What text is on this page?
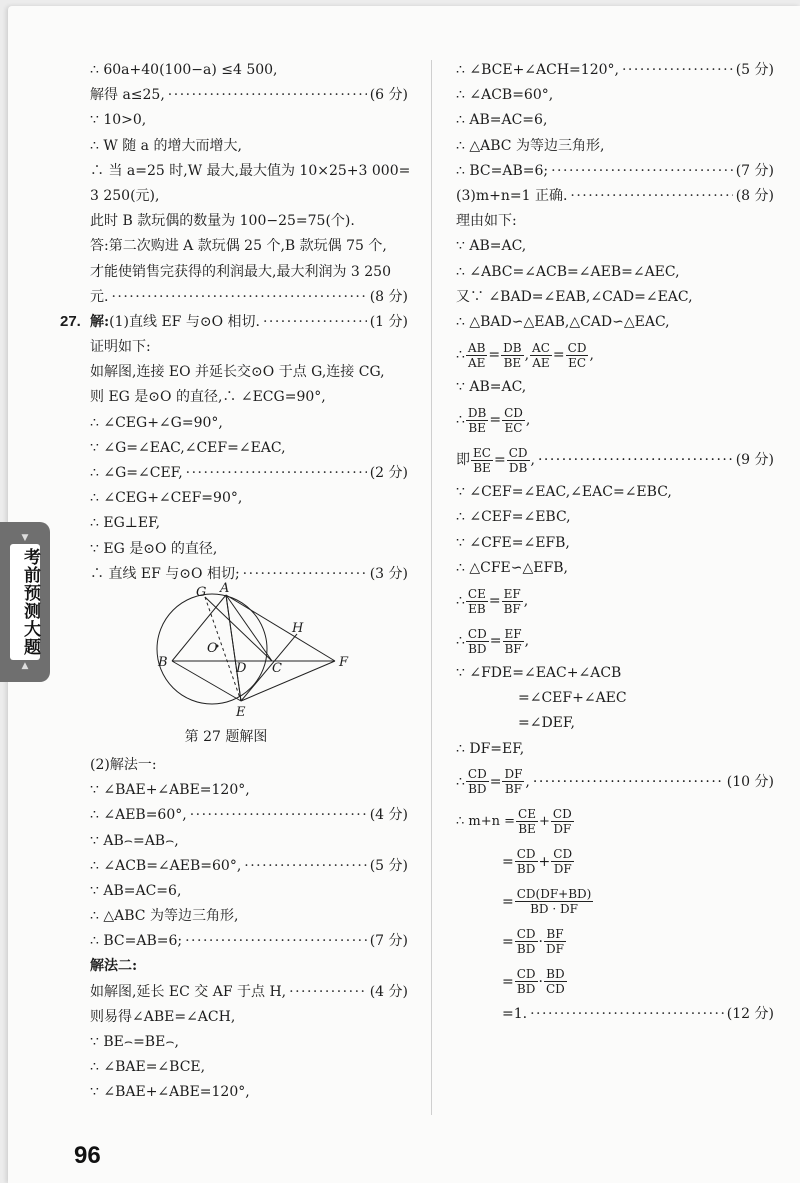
▼
考前预测大题
▲
∴ 60a+40(100−a) ≤4 500,
解得 a≤25, ·····	(6 分)
∵ 10>0,
∴ W 随 a 的增大而增大,
∴ 当 a=25 时,W 最大,最大值为 10×25+3 000=
3 250(元),
此时 B 款玩偶的数量为 100−25=75(个).
答:第二次购进 A 款玩偶 25 个,B 款玩偶 75 个,
才能使销售完获得的利润最大,最大利润为 3 250
元. ·····	(8 分)
27. 解:(1)直线 EF 与⊙O 相切. ·····	(1 分)
证明如下:
如解图,连接 EO 并延长交⊙O 于点 G,连接 CG,
则 EG 是⊙O 的直径,∴ ∠ECG=90°,
∴ ∠CEG+∠G=90°,
∵ ∠G=∠EAC,∠CEF=∠EAC,
∴ ∠G=∠CEF, ·····	(2 分)
∴ ∠CEG+∠CEF=90°,
∴ EG⊥EF,
∵ EG 是⊙O 的直径,
∴ 直线 EF 与⊙O 相切; ·····	(3 分)
G A
H
O
B	D C	F
E
第 27 题解图
(2)解法一:
∵ ∠BAE+∠ABE=120°,
∴ ∠AEB=60°, ·····	(4 分)
∵ AB⌢=AB⌢,
∴ ∠ACB=∠AEB=60°, ·····	(5 分)
∵ AB=AC=6,
∴ △ABC 为等边三角形,
∴ BC=AB=6; ·····	(7 分)
解法二:
如解图,延长 EC 交 AF 于点 H, ·····	(4 分)
则易得∠ABE=∠ACH,
∵ BE⌢=BE⌢,
∴ ∠BAE=∠BCE,
∵ ∠BAE+∠ABE=120°,
∴ ∠BCE+∠ACH=120°, ·····	(5 分)
∴ ∠ACB=60°,
∴ AB=AC=6,
∴ △ABC 为等边三角形,
∴ BC=AB=6; ·····	(7 分)
(3)m+n=1 正确. ·····	(8 分)
理由如下:
∵ AB=AC,
∴ ∠ABC=∠ACB=∠AEB=∠AEC,
又∵ ∠BAD=∠EAB,∠CAD=∠EAC,
∴ △BAD∽△EAB,△CAD∽△EAC,
∴ $\frac{AB}{AE} = \frac{DB}{BE}$ , $\frac{AC}{AE} = \frac{CD}{EC}$ ,
∵ AB=AC,
∴ $\frac{DB}{BE} = \frac{CD}{EC}$ ,
即 $\frac{EC}{BE} = \frac{CD}{DB}$ , ·····	(9 分)
∵ ∠CEF=∠EAC,∠EAC=∠EBC,
∴ ∠CEF=∠EBC,
∵ ∠CFE=∠EFB,
∴ △CFE∽△EFB,
∴ $\frac{CE}{EB} = \frac{EF}{BF}$ ,
∴ $\frac{CD}{BD} = \frac{EF}{BF}$ ,
∵ ∠FDE=∠EAC+∠ACB
=∠CEF+∠AEC
=∠DEF,
∴ DF=EF,
∴ $\frac{CD}{BD} = \frac{DF}{BF}$ , ·····	(10 分)
∴ $m+n = \frac{CE}{BE} + \frac{CD}{DF}$
= $\frac{CD}{BD} + \frac{CD}{DF}$
= $\frac{CD(DF+BD)}{BD \cdot DF}$
= $\frac{CD}{BD} \cdot \frac{BF}{DF}$
= $\frac{CD}{BD} \cdot \frac{BD}{CD}$
=1. ·····	(12 分)
96
